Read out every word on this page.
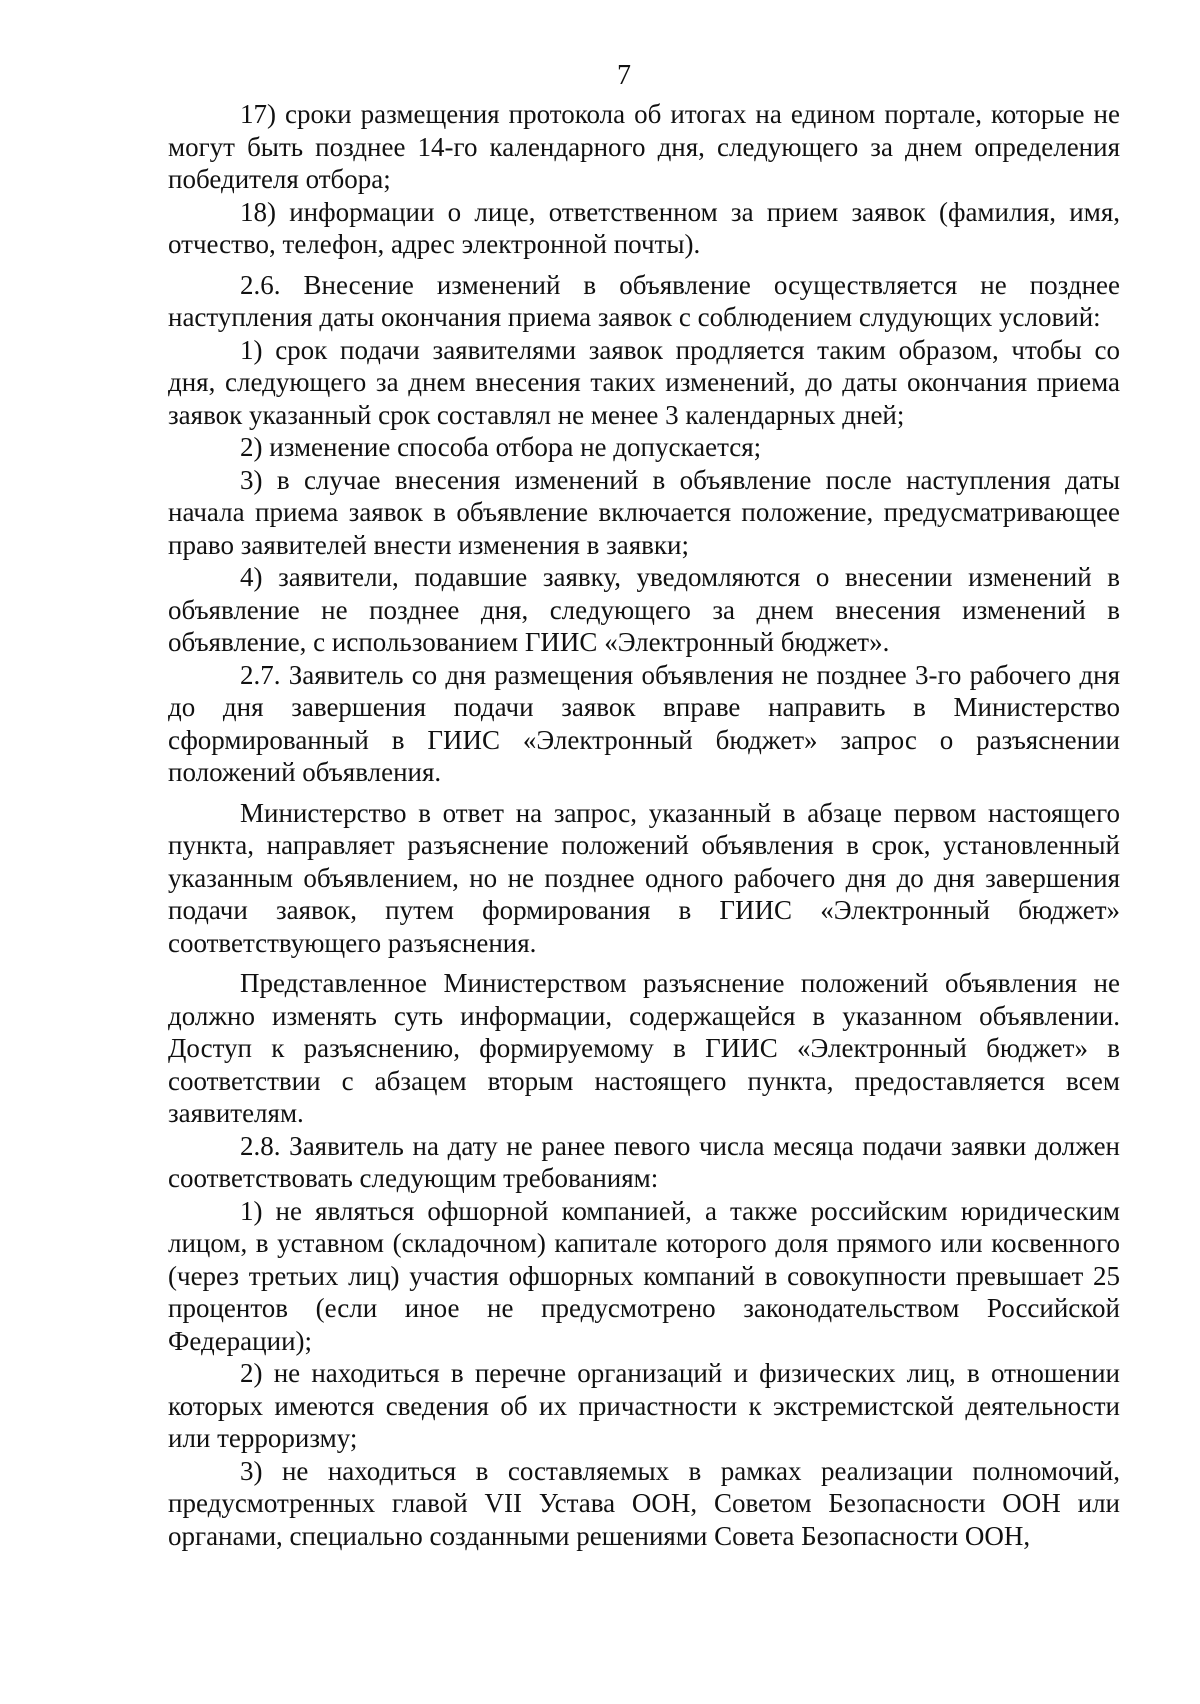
7

17) сроки размещения протокола об итогах на едином портале, которые не могут быть позднее 14-го календарного дня, следующего за днем определения победителя отбора;

18) информации о лице, ответственном за прием заявок (фамилия, имя, отчество, телефон, адрес электронной почты).

2.6. Внесение изменений в объявление осуществляется не позднее наступления даты окончания приема заявок с соблюдением слудующих условий:

1) срок подачи заявителями заявок продляется таким образом, чтобы со дня, следующего за днем внесения таких изменений, до даты окончания приема заявок указанный срок составлял не менее 3 календарных дней;

2) изменение способа отбора не допускается;

3) в случае внесения изменений в объявление после наступления даты начала приема заявок в объявление включается положение, предусматривающее право заявителей внести изменения в заявки;

4) заявители, подавшие заявку, уведомляются о внесении изменений в объявление не позднее дня, следующего за днем внесения изменений в объявление, с использованием ГИИС «Электронный бюджет».

2.7. Заявитель со дня размещения объявления не позднее 3-го рабочего дня до дня завершения подачи заявок вправе направить в Министерство сформированный в ГИИС «Электронный бюджет» запрос о разъяснении положений объявления.

Министерство в ответ на запрос, указанный в абзаце первом настоящего пункта, направляет разъяснение положений объявления в срок, установленный указанным объявлением, но не позднее одного рабочего дня до дня завершения подачи заявок, путем формирования в ГИИС «Электронный бюджет» соответствующего разъяснения.

Представленное Министерством разъяснение положений объявления не должно изменять суть информации, содержащейся в указанном объявлении. Доступ к разъяснению, формируемому в ГИИС «Электронный бюджет» в соответствии с абзацем вторым настоящего пункта, предоставляется всем заявителям.

2.8. Заявитель на дату не ранее певого числа месяца подачи заявки должен соответствовать следующим требованиям:

1) не являться офшорной компанией, а также российским юридическим лицом, в уставном (складочном) капитале которого доля прямого или косвенного (через третьих лиц) участия офшорных компаний в совокупности превышает 25 процентов (если иное не предусмотрено законодательством Российской Федерации);

2) не находиться в перечне организаций и физических лиц, в отношении которых имеются сведения об их причастности к экстремистской деятельности или терроризму;

3) не находиться в составляемых в рамках реализации полномочий, предусмотренных главой VII Устава ООН, Советом Безопасности ООН или органами, специально созданными решениями Совета Безопасности ООН,
